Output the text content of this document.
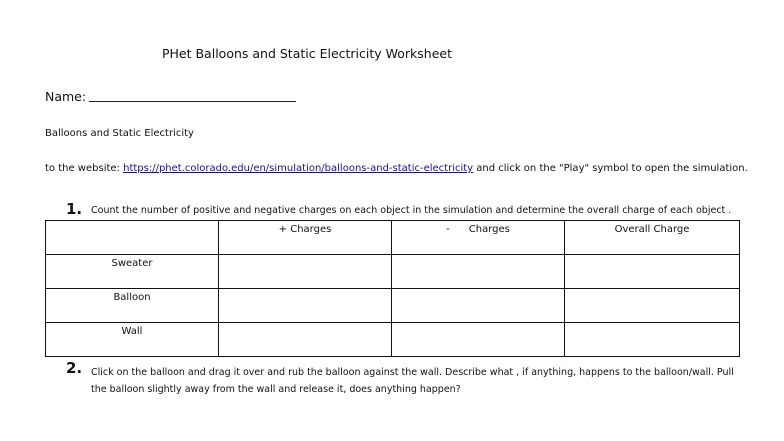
PHet Balloons and Static Electricity Worksheet
Name:
Balloons and Static Electricity
to the website: https://phet.colorado.edu/en/simulation/balloons-and-static-electricity and click on the "Play" symbol to open the simulation.
1. Count the number of positive and negative charges on each object in the simulation and determine the overall charge of each object .
	+ Charges	-      Charges	Overall Charge
Sweater			
Balloon			
Wall			
2. Click on the balloon and drag it over and rub the balloon against the wall. Describe what , if anything, happens to the balloon/wall. Pull the balloon slightly away from the wall and release it, does anything happen?
